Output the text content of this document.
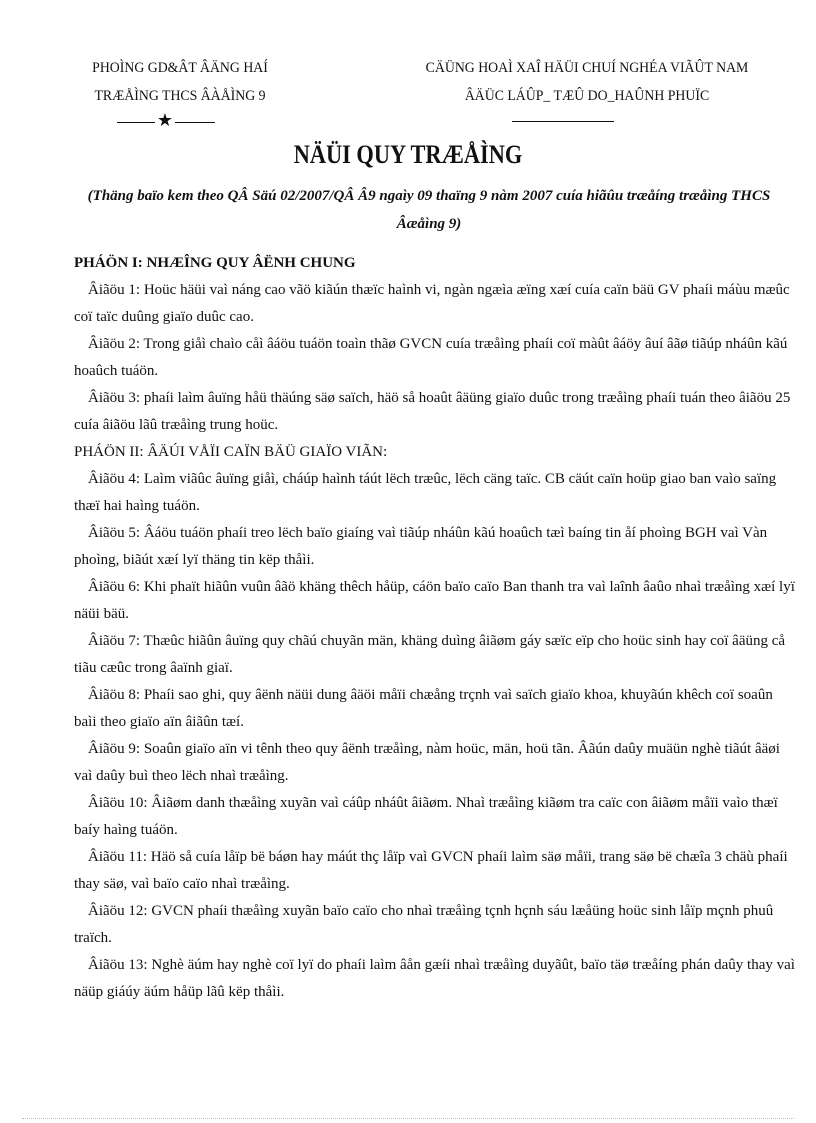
PHOÌNG GD&ÂT ÂÄNG HAÍ
TRÆÅÌNG THCS ÂÀÅÌNG 9
★
CÄÜNG HOAÌ XAÎ HÄÜI CHUÍ NGHÉA VIÃÛT NAM
ÂÄÜC LÁÛP_ TÆÛ DO_HAÛNH PHUÏC
NÄÜI QUY TRÆÅÌNG
(Thäng baïo kem theo QÂ Säú 02/2007/QÂ Â9 ngaìy 09 thaïng 9 nàm 2007 cuía hiãûu træåíng træåìng THCS Âæåìng 9)

PHÁÖN I: NHÆÎNG QUY ÂËNH CHUNG

Âiãöu 1: Hoüc häüi vaì náng cao vãö kiãún thæïc haình vi, ngàn ngæìa æïng xæí cuía caïn bäü GV phaíi máùu mæûc coï taïc duûng giaïo duûc cao.

Âiãöu 2: Trong giåì chaìo cåì âáöu tuáön toaìn thãø GVCN cuía træåìng phaíi coï màût âáöy âuí âãø tiãúp nháûn kãú hoaûch tuáön.

Âiãöu 3: phaíi laìm âuïng håü thäúng säø saïch, häö så hoaût âäüng giaïo duûc trong træåìng phaíi tuán theo âiãöu 25 cuía âiãöu lãû træåìng trung hoüc.

PHÁÖN II: ÂÄÚI VÅÏI CAÏN BÄÜ GIAÏO VIÃN:

Âiãöu 4: Laìm viãûc âuïng giåì, cháúp haình táút lëch træûc, lëch cäng taïc. CB cäút caïn hoüp giao ban vaìo saïng thæï hai haìng tuáön.

Âiãöu 5: Âáöu tuáön phaíi treo lëch baïo giaíng vaì tiãúp nháûn kãú hoaûch tæì baíng tin åí phoìng BGH vaì Vàn phoìng, biãút xæí lyï thäng tin këp thåìi.

Âiãöu 6: Khi phaït hiãûn vuûn âãö khäng thêch håüp, cáön baïo caïo Ban thanh tra vaì laînh âaûo nhaì træåìng xæí lyï näüi bäü.

Âiãöu 7: Thæûc hiãûn âuïng quy chãú chuyãn män, khäng duìng âiãøm gáy sæïc eïp cho hoüc sinh hay coï âäüng cå tiãu cæûc trong âaïnh giaï.

Âiãöu 8: Phaíi sao ghi, quy âënh näüi dung âäöi måïi chæång trçnh vaì saïch giaïo khoa, khuyãún khêch coï soaûn baìi theo giaïo aïn âiãûn tæí.

Âiãöu 9: Soaûn giaïo aïn vi tênh theo quy âënh træåìng, nàm hoüc, män, hoü tãn. Âãún daûy muäün nghè tiãút âäøi vaì daûy buì theo lëch nhaì træåìng.

Âiãöu 10: Âiãøm danh thæåìng xuyãn vaì cáûp nháût âiãøm. Nhaì træåìng kiãøm tra caïc con âiãøm måïi vaìo thæï baíy haìng tuáön.

Âiãöu 11: Häö så cuía låïp bë báøn hay máút thç låïp vaì GVCN phaíi laìm säø måïi, trang säø bë chæîa 3 chäù phaíi thay säø, vaì baïo caïo nhaì træåìng.

Âiãöu 12: GVCN phaíi thæåìng xuyãn baïo caïo cho nhaì træåìng tçnh hçnh sáu læåüng hoüc sinh låïp mçnh phuû traïch.

Âiãöu 13: Nghè äúm hay nghè coï lyï do phaíi laìm âån gæíi nhaì træåìng duyãût, baïo täø træåíng phán daûy thay vaì näüp giáúy äúm håüp lãû këp thåìi.
